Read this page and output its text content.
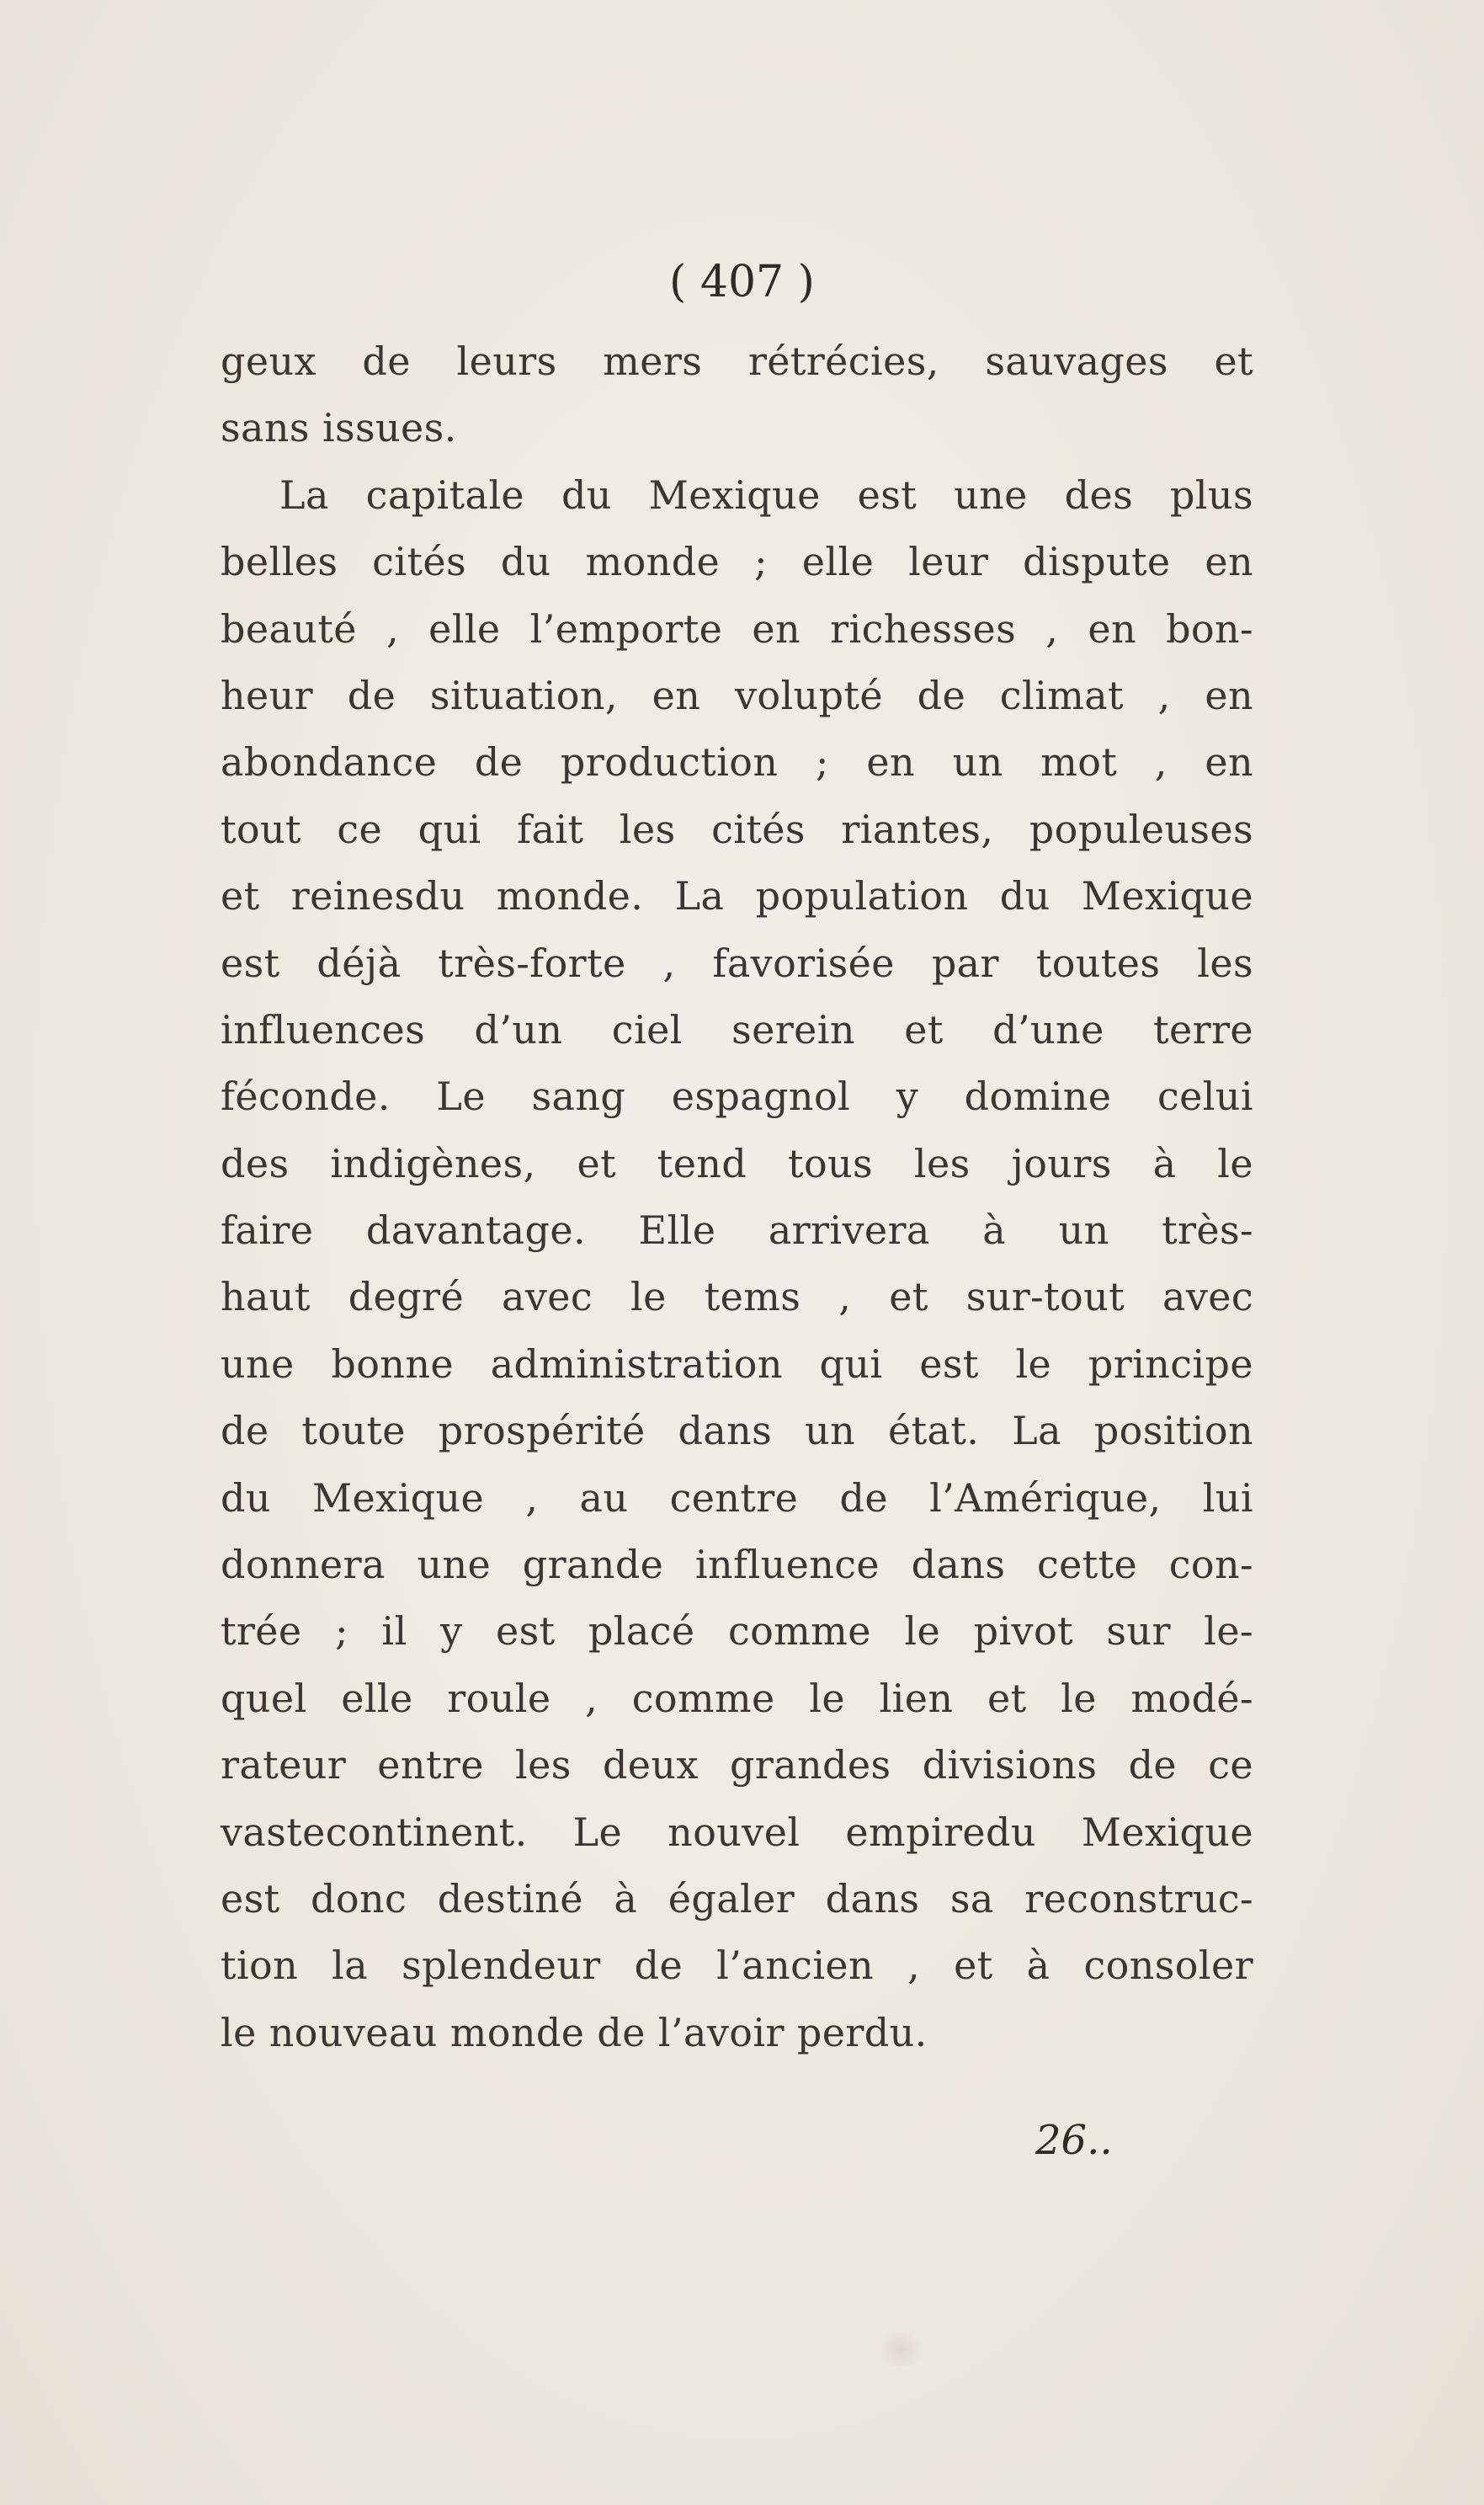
( 407 )
geux de leurs mers rétrécies, sauvages et
sans issues.
La capitale du Mexique est une des plus
belles cités du monde ; elle leur dispute en
beauté , elle l’emporte en richesses , en bon-
heur de situation, en volupté de climat , en
abondance de production ; en un mot , en
tout ce qui fait les cités riantes, populeuses
et reinesdu monde. La population du Mexique
est déjà très-forte , favorisée par toutes les
influences d’un ciel serein et d’une terre
féconde. Le sang espagnol y domine celui
des indigènes, et tend tous les jours à le
faire davantage. Elle arrivera à un très-
haut degré avec le tems , et sur-tout avec
une bonne administration qui est le principe
de toute prospérité dans un état. La position
du Mexique , au centre de l’Amérique, lui
donnera une grande influence dans cette con-
trée ; il y est placé comme le pivot sur le-
quel elle roule , comme le lien et le modé-
rateur entre les deux grandes divisions de ce
vastecontinent. Le nouvel empiredu Mexique
est donc destiné à égaler dans sa reconstruc-
tion la splendeur de l’ancien , et à consoler
le nouveau monde de l’avoir perdu.
26..
